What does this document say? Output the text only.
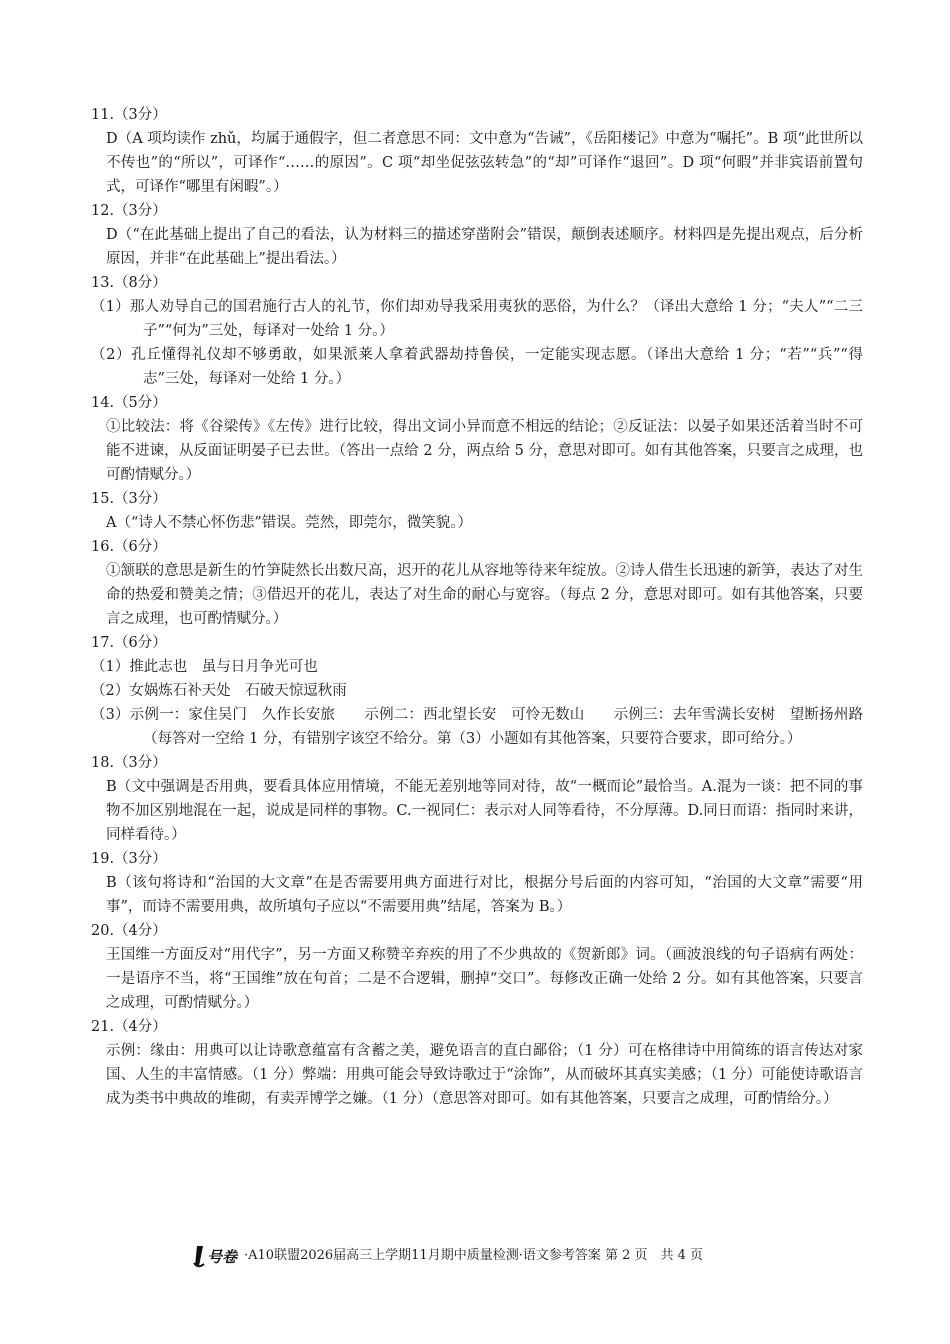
11.（3分）
D（A 项均读作 zhǔ，均属于通假字，但二者意思不同：文中意为“告诫”，《岳阳楼记》中意为“嘱托”。B 项“此世所以不传也”的“所以”，可译作“……的原因”。C 项“却坐促弦弦转急”的“却”可译作“退回”。D 项“何暇”并非宾语前置句式，可译作“哪里有闲暇”。）
12.（3分）
D（“在此基础上提出了自己的看法，认为材料三的描述穿凿附会”错误，颠倒表述顺序。材料四是先提出观点，后分析原因，并非“在此基础上”提出看法。）
13.（8分）
（1）那人劝导自己的国君施行古人的礼节，你们却劝导我采用夷狄的恶俗，为什么？（译出大意给 1 分；“夫人”“二三子”“何为”三处，每译对一处给 1 分。）
（2）孔丘懂得礼仪却不够勇敢，如果派莱人拿着武器劫持鲁侯，一定能实现志愿。（译出大意给 1 分；“若”“兵”“得志”三处，每译对一处给 1 分。）
14.（5分）
①比较法：将《谷梁传》《左传》进行比较，得出文词小异而意不相远的结论；②反证法：以晏子如果还活着当时不可能不进谏，从反面证明晏子已去世。（答出一点给 2 分，两点给 5 分，意思对即可。如有其他答案，只要言之成理，也可酌情赋分。）
15.（3分）
A（“诗人不禁心怀伤悲”错误。莞然，即莞尔，微笑貌。）
16.（6分）
①颔联的意思是新生的竹笋陡然长出数尺高，迟开的花儿从容地等待来年绽放。②诗人借生长迅速的新笋，表达了对生命的热爱和赞美之情；③借迟开的花儿，表达了对生命的耐心与宽容。（每点 2 分，意思对即可。如有其他答案，只要言之成理，也可酌情赋分。）
17.（6分）
（1）推此志也　虽与日月争光可也
（2）女娲炼石补天处　石破天惊逗秋雨
（3）示例一：家住吴门　久作长安旅　　示例二：西北望长安　可怜无数山　　示例三：去年雪满长安树　望断扬州路（每答对一空给 1 分，有错别字该空不给分。第（3）小题如有其他答案，只要符合要求，即可给分。）
18.（3分）
B（文中强调是否用典，要看具体应用情境，不能无差别地等同对待，故“一概而论”最恰当。A.混为一谈：把不同的事物不加区别地混在一起，说成是同样的事物。C.一视同仁：表示对人同等看待，不分厚薄。D.同日而语：指同时来讲，同样看待。）
19.（3分）
B（该句将诗和“治国的大文章”在是否需要用典方面进行对比，根据分号后面的内容可知，“治国的大文章”需要“用事”，而诗不需要用典，故所填句子应以“不需要用典”结尾，答案为 B。）
20.（4分）
王国维一方面反对“用代字”，另一方面又称赞辛弃疾的用了不少典故的《贺新郎》词。（画波浪线的句子语病有两处：一是语序不当，将“王国维”放在句首；二是不合逻辑，删掉“交口”。每修改正确一处给 2 分。如有其他答案，只要言之成理，可酌情赋分。）
21.（4分）
示例：缘由：用典可以让诗歌意蕴富有含蓄之美，避免语言的直白鄙俗；（1 分）可在格律诗中用简练的语言传达对家国、人生的丰富情感。（1 分）弊端：用典可能会导致诗歌过于“涂饰”，从而破坏其真实美感；（1 分）可能使诗歌语言成为类书中典故的堆砌，有卖弄博学之嫌。（1 分）（意思答对即可。如有其他答案，只要言之成理，可酌情给分。）
号卷 ·A10联盟2026届高三上学期11月期中质量检测·语文参考答案 第 2 页　共 4 页
